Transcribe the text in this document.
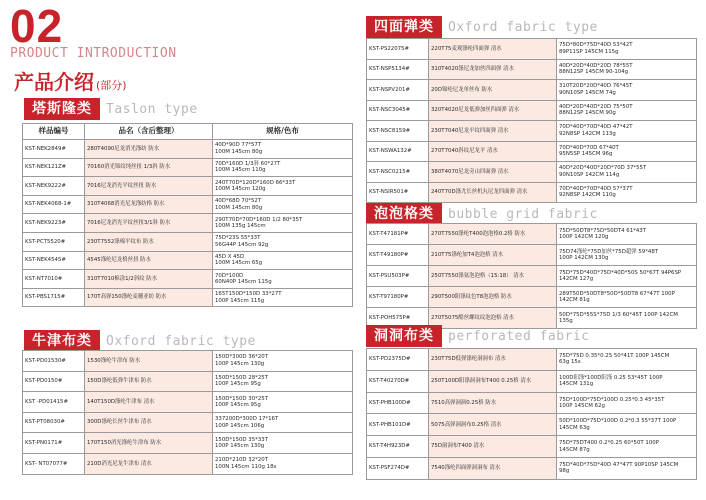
02
PRODUCT INTRODUCTION
产品介绍 (部分)
塔斯隆类	Taslon type
样品编号	品名（含后整理）	规格/色布
KST-NEK2849#	280T4090尼龙消光涤纺 防水	40D*90D 77*57T
100M 145cm 80g
KST-NEK121Z#	70160消光锦纹纯丝扭 1/3斜 防水	70D*160D 1/3斜 60*27T
100M 145cm 110g
KST-NEK9222#	7016尼龙消光平纹丝扭 防水	240T70D*120D*160D 66*33T
100M 145cm 120g
KST-NEK4068-1#	310T4068消光尼龙涤纺格 防水	40D*68D 70*52T
100M 145cm 80g
KST-NEK9223#	7016尼龙消光平纹丝扭3/1斜 防水	290T70D*70D*160D 1/2 80*35T
100M 135g 145cm
KST-PCT5520#	230T7552涤棉平纹布 防水	75D*23S 55*33T
56G44P 145cm 92g
KST-NEK4545#	4545涤纶尼龙格丝扭 防水	45D X 45D
100M 145cm 65g
KST-NT7010#	310T7010棉涂1/2斜纹 防水	70D*100D
60N40P 145cm 115g
KST-PBS1715#	170T高弹150涤纶麦穗亚纺 防水	165T150D*150D 33*27T
100P 145cm 115g
牛津布类	Oxford fabric type
KST-PD01530#	1530涤纶牛津布 防水	150D*300D 36*20T
100P 145cm 130g
KST-PD0150#	150D涤纶低弹牛津布 防水	150D*150D 28*25T
100P 145cm 95g
KST -PD01415#	140T150D涤纶牛津布 清水	150D*150D 30*25T
100P 145cm 95g
KST-PT08030#	300D涤纶长丝牛津布 清水	337200D*300D 17*16T
100P 145cm 106g
KST-PN0171#	170T150消光涤纶牛津布 防水	150D*150D 35*33T
100P 145cm 130g
KST- NT07077#	210D消光尼龙牛津布 清水	210D*210D 32*20T
100N 145cm 110g 18s
四面弹类	Oxford fabric type
KST-PS22075#	220T75麦观涤纶四面弹 清水	75D*80D*75D*40D 53*42T
89P11SP 145CM 115g
KST-NSP5134#	310T4020涤尼龙加丝四面弹 清水	40D*20D*40D*20D 78*55T
88N12SP 145CM 90-104g
KST-NSPV201#	20D锦纶尼龙单丝布 防水	310T20D*20D*40D 76*45T
90N10SP 145CM 74g
KST-NSC3045#	320T4020尼龙低弹加丝四面弹 清水	40D*20D*40D*20D 75*50T
88N12SP 145CM 90g
KST-NSC8159#	230T7040尼龙平纹四面弹 清水	70D*40D*70D*40D 47*42T
92N8SP 142CM 113g
KST-NSWA132#	270T7040斜纹尼龙平 清水	70D*40D*70D 67*40T
95N5SP 145CM 96g
KST-NSC0215#	380T4070尼龙旁山四面弹 清水	40D*20D*40D*20D*70D 37*55T
90N10SP 142CM 114g
KST-NSIR501#	240T70D涤尤长丝机丸尼龙四面弹 清水	70D*40D*70D*40D 57*37T
92N8SP 142CM 110g
泡泡格类	bubble grid fabric
KST-T47181P#	270T7550涤纶T400泡泡格0.2格 防水	75D*50DT8*75D*50DT4 61*43T
100P 142CM 120g
KST-T49180P#	210T75涤纶加T4泡泡格 清水	75D74涤纶*75D加丝*75D超弹 59*48T
100P 142CM 130g
KST-PSU503P#	250T7550涤氨泡泡格（15:18） 清水	75D*75D*40D*75D*40D*50S 50*67T 94P6SP
142CM 127g
KST-T97180P#	290T500阳涤纹色T8泡泡格 防水	289T50D*50DT8*50D*50DT8 67*47T 100P
142CM 81g
KST-POH575P#	270T5075酷丝螺纹纹泡泡格 清水	50D*75D*55S*75D 1/3 60*45T 100P 142CM
135g
洞洞布类	perforated fabric
KST-PD2375D#	230T75D低弹涤纶洞洞布 清水	75D*75D 0.35*0.25 50*41T 100P 145CM
63g 15s
KST-T40270D#	250T100D阳涤洞洞布T400 0.25格 清水	100D阳涤*100D阳涤 0.25 53*45T 100P
145CM 131g
KST-PHB100D#	7510高弹洞洞0.25格 防水	75D*100D*75D*100D 0.25*0.3 45*35T
100P 145CM 62g
KST-PHB101D#	5075高弹洞洞布0.25格 清水	50D*100D*75D*100D 0.2*0.3 55*37T 100P
145CM 63g
KST-T4H923D#	75D洞洞布T400 清水	75D*75DT400 0.2*0.25 60*50T 100P
145CM 87g
KST-PSF274D#	7540涤纶四面弹洞洞布 清水	75D*40D*75D*40D 47*47T 90P10SP 145CM
98g
